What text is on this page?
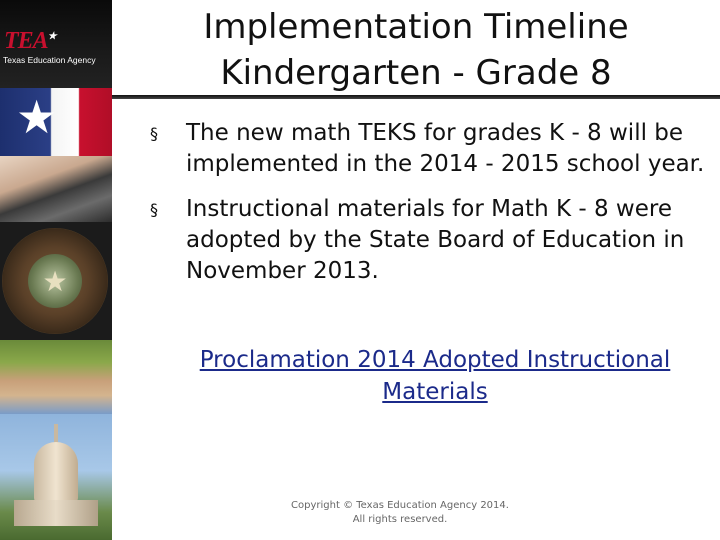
TEA★
Texas Education Agency
★
★
Implementation Timeline
Kindergarten - Grade 8
§ The new math TEKS for grades K - 8 will be implemented in the 2014 - 2015 school year.
§ Instructional materials for Math K - 8 were adopted by the State Board of Education in November 2013.
Proclamation 2014 Adopted Instructional Materials
Copyright © Texas Education Agency 2014.
All rights reserved.
